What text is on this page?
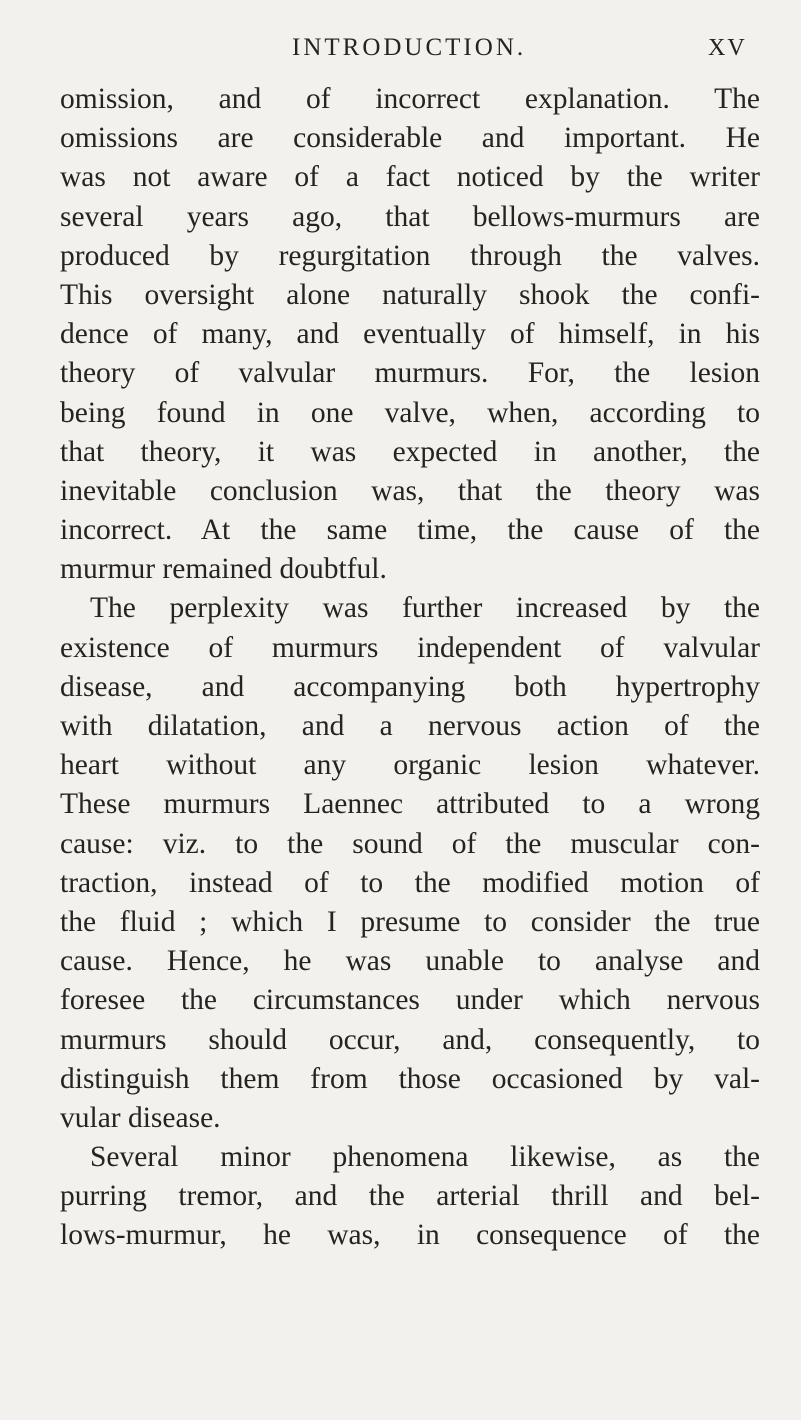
INTRODUCTION.	XV
omission, and of incorrect explanation. The
omissions are considerable and important. He
was not aware of a fact noticed by the writer
several years ago, that bellows-murmurs are
produced by regurgitation through the valves.
This oversight alone naturally shook the confi-
dence of many, and eventually of himself, in his
theory of valvular murmurs. For, the lesion
being found in one valve, when, according to
that theory, it was expected in another, the
inevitable conclusion was, that the theory was
incorrect. At the same time, the cause of the
murmur remained doubtful.
The perplexity was further increased by the
existence of murmurs independent of valvular
disease, and accompanying both hypertrophy
with dilatation, and a nervous action of the
heart without any organic lesion whatever.
These murmurs Laennec attributed to a wrong
cause: viz. to the sound of the muscular con-
traction, instead of to the modified motion of
the fluid ; which I presume to consider the true
cause. Hence, he was unable to analyse and
foresee the circumstances under which nervous
murmurs should occur, and, consequently, to
distinguish them from those occasioned by val-
vular disease.
Several minor phenomena likewise, as the
purring tremor, and the arterial thrill and bel-
lows-murmur, he was, in consequence of the
